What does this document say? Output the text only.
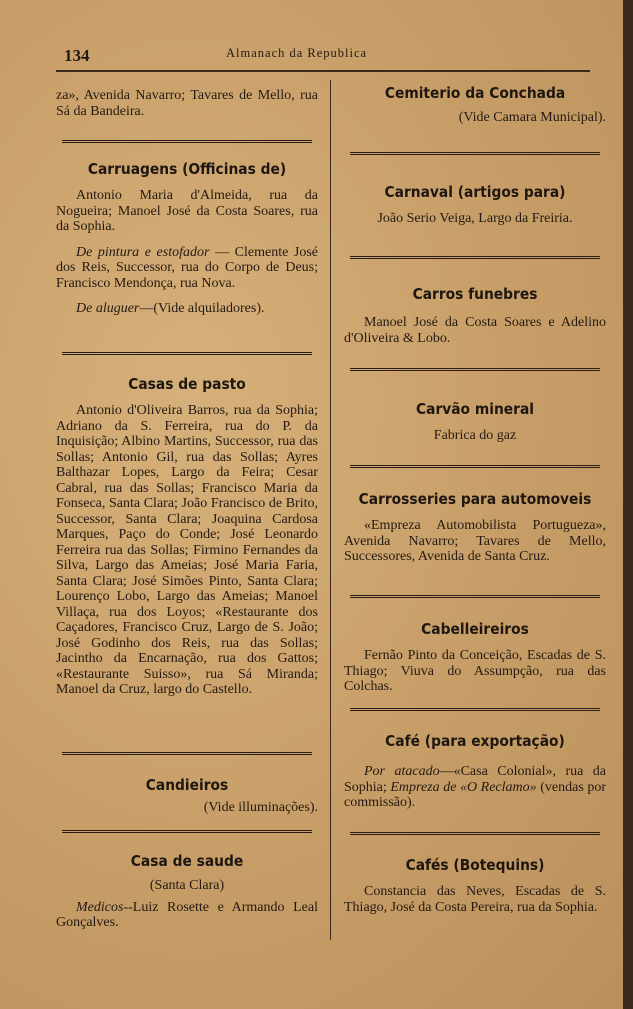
134	Almanach da Republica

za», Avenida Navarro; Tavares de Mello, rua Sá da Bandeira.

Carruagens (Officinas de)

Antonio Maria d'Almeida, rua da Nogueira; Manoel José da Costa Soares, rua da Sophia.

De pintura e estofador — Clemente José dos Reis, Successor, rua do Corpo de Deus; Francisco Mendonça, rua Nova.

De aluguer—(Vide alquiladores).

Casas de pasto

Antonio d'Oliveira Barros, rua da Sophia; Adriano da S. Ferreira, rua do P. da Inquisição; Albino Martins, Successor, rua das Sollas; Antonio Gil, rua das Sollas; Ayres Balthazar Lopes, Largo da Feira; Cesar Cabral, rua das Sollas; Francisco Maria da Fonseca, Santa Clara; João Francisco de Brito, Successor, Santa Clara; Joaquina Cardosa Marques, Paço do Conde; José Leonardo Ferreira rua das Sollas; Firmino Fernandes da Silva, Largo das Ameias; José Maria Faria, Santa Clara; José Simões Pinto, Santa Clara; Lourenço Lobo, Largo das Ameias; Manoel Villaça, rua dos Loyos; «Restaurante dos Caçadores, Francisco Cruz, Largo de S. João; José Godinho dos Reis, rua das Sollas; Jacintho da Encarnação, rua dos Gattos; «Restaurante Suisso», rua Sá Miranda; Manoel da Cruz, largo do Castello.

Candieiros

(Vide illuminações).

Casa de saude

(Santa Clara)

Medicos--Luiz Rosette e Armando Leal Gonçalves.

Cemiterio da Conchada

(Vide Camara Municipal).

Carnaval (artigos para)

João Serio Veiga, Largo da Freiria.

Carros funebres

Manoel José da Costa Soares e Adelino d'Oliveira & Lobo.

Carvão mineral

Fabrica do gaz

Carrosseries para automoveis

«Empreza Automobilista Portugueza», Avenida Navarro; Tavares de Mello, Successores, Avenida de Santa Cruz.

Cabelleireiros

Fernão Pinto da Conceição, Escadas de S. Thiago; Viuva do Assumpção, rua das Colchas.

Café (para exportação)

Por atacado—«Casa Colonial», rua da Sophia; Empreza de «O Reclamo» (vendas por commissão).

Cafés (Botequins)

Constancia das Neves, Escadas de S. Thiago, José da Costa Pereira, rua da Sophia.
